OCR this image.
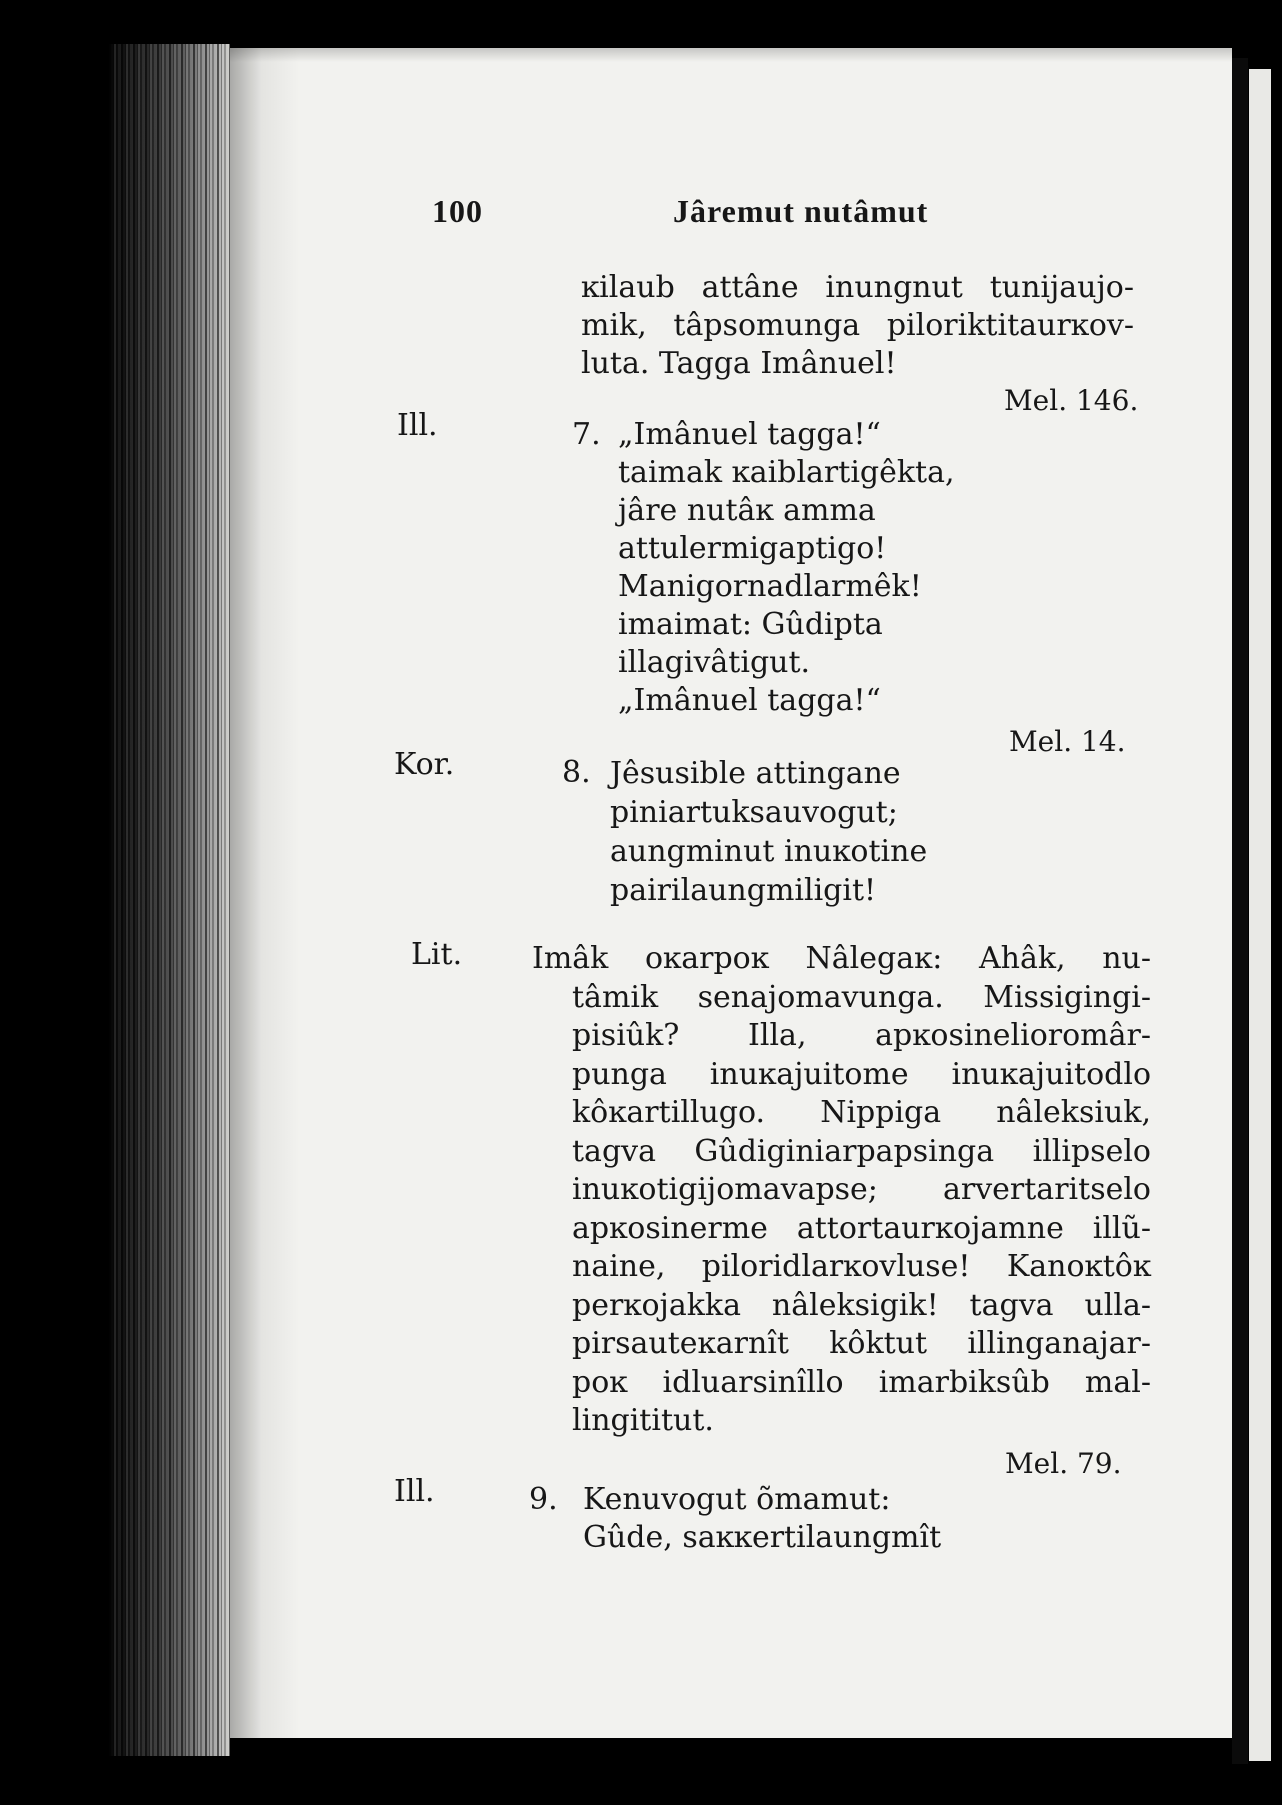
100	Jâremut nutâmut
ĸilaub attâne inungnut tunijaujo-
mik, tâpsomunga piloriktitaurĸov-
luta. Tagga Imânuel!
Mel. 146.
Ill.	7. „Imânuel tagga!“
taimak ĸaiblartigêkta,
jâre nutâĸ amma
attulermigaptigo!
Manigornadlarmêk!
imaimat: Gûdipta
illagivâtigut.
„Imânuel tagga!“
Mel. 14.
Kor.	8. Jêsusible attingane
piniartuksauvogut;
aungminut inuĸotine
pairilaungmiligit!
Lit. Imâk oĸarpoĸ Nâlegaĸ: Ahâk, nu-
tâmik senajomavunga. Missigingi-
pisiûk? Illa, apĸosinelioromâr-
punga inuĸajuitome inuĸajuitodlo
kôĸartillugo. Nippiga nâleksiuk,
tagva Gûdiginiarpapsinga illipselo
inuĸotigijomavapse; arvertaritselo
apĸosinerme attortaurĸojamne illũ-
naine, piloridlarĸovluse! Kanoĸtôĸ
perĸojakka nâleksigik! tagva ulla-
pirsauteĸarnît kôktut illinganajar-
poĸ idluarsinîllo imarbiksûb mal-
lingititut.
Mel. 79.
Ill.	9. Kenuvogut õmamut:
Gûde, saĸĸertilaungmît
